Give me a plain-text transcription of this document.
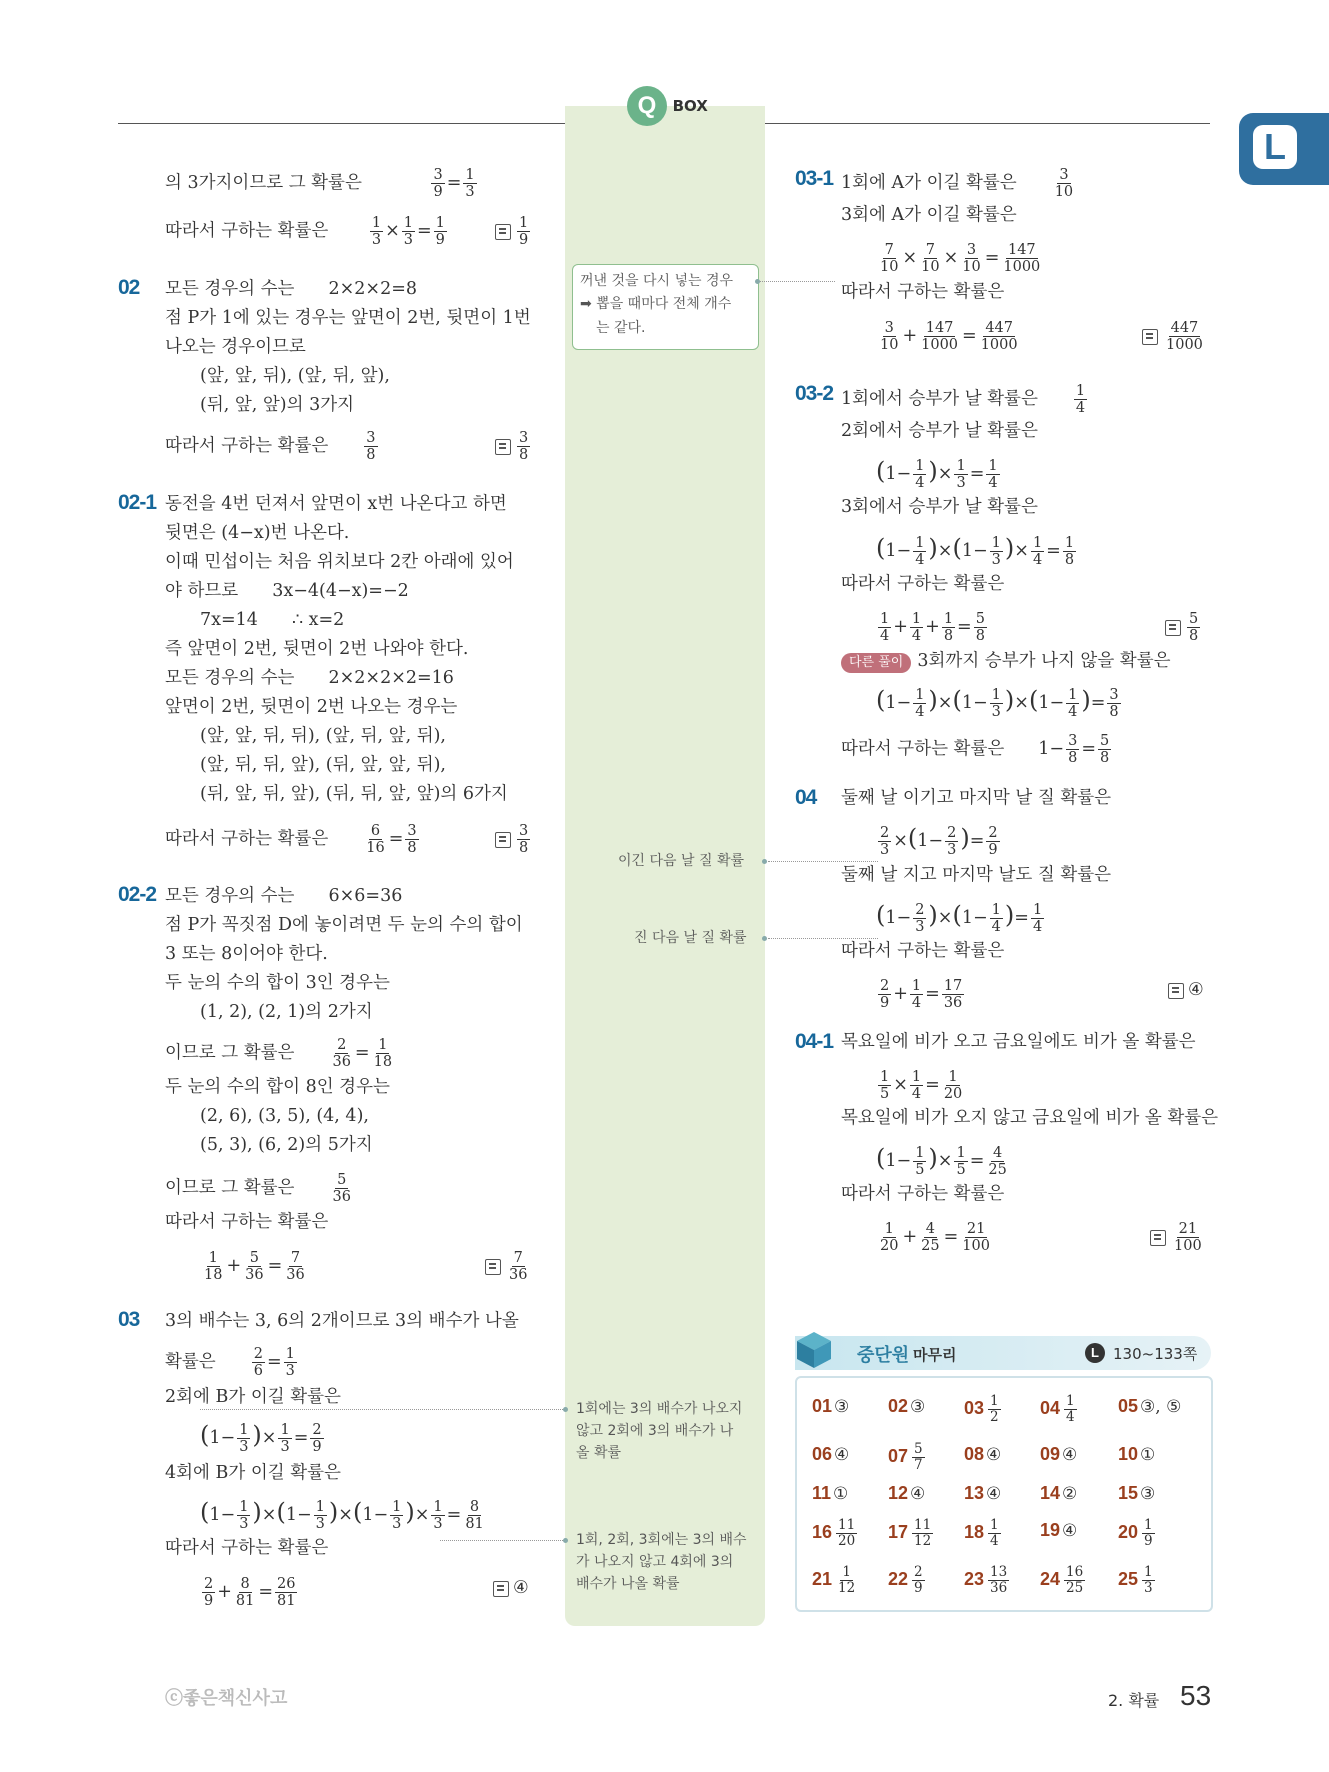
Q BOX
L
의 3가지이므로 그 확률은	$\frac{3}{9} = \frac{1}{3}$
따라서 구하는 확률은	$\frac{1}{3} \times \frac{1}{3} = \frac{1}{9}$	$\frac{1}{9}$
02 모든 경우의 수는 2×2×2=8
점 P가 1에 있는 경우는 앞면이 2번, 뒷면이 1번
나오는 경우이므로
(앞, 앞, 뒤), (앞, 뒤, 앞),
(뒤, 앞, 앞)의 3가지
따라서 구하는 확률은 $\frac{3}{8}$	$\frac{3}{8}$
02-1 동전을 4번 던져서 앞면이 x번 나온다고 하면
뒷면은 (4−x)번 나온다.
이때 민섭이는 처음 위치보다 2칸 아래에 있어
야 하므로 3x−4(4−x)=−2
7x=14 ∴ x=2
즉 앞면이 2번, 뒷면이 2번 나와야 한다.
모든 경우의 수는 2×2×2×2=16
앞면이 2번, 뒷면이 2번 나오는 경우는
(앞, 앞, 뒤, 뒤), (앞, 뒤, 앞, 뒤),
(앞, 뒤, 뒤, 앞), (뒤, 앞, 앞, 뒤),
(뒤, 앞, 뒤, 앞), (뒤, 뒤, 앞, 앞)의 6가지
따라서 구하는 확률은 $\frac{6}{16} = \frac{3}{8}$	$\frac{3}{8}$
02-2 모든 경우의 수는 6×6=36
점 P가 꼭짓점 D에 놓이려면 두 눈의 수의 합이
3 또는 8이어야 한다.
두 눈의 수의 합이 3인 경우는
(1, 2), (2, 1)의 2가지
이므로 그 확률은 $\frac{2}{36} = \frac{1}{18}$
두 눈의 수의 합이 8인 경우는
(2, 6), (3, 5), (4, 4),
(5, 3), (6, 2)의 5가지
이므로 그 확률은 $\frac{5}{36}$
따라서 구하는 확률은
$\frac{1}{18} + \frac{5}{36} = \frac{7}{36}$	$\frac{7}{36}$
03 3의 배수는 3, 6의 2개이므로 3의 배수가 나올
확률은 $\frac{2}{6} = \frac{1}{3}$
2회에 B가 이길 확률은
($1- \frac{1}{3}$ )× $\frac{1}{3} = \frac{2}{9}$
4회에 B가 이길 확률은
$(1- \frac{1}{3} )\times(1- \frac{1}{3} )\times(1- \frac{1}{3}$ )× $\frac{1}{3} = \frac{8}{81}$
따라서 구하는 확률은
$\frac{2}{9} + \frac{8}{81} = \frac{26}{81}$	④
꺼낸 것을 다시 넣는 경우
➡ 뽑을 때마다 전체 개수
는 같다.
이긴 다음 날 질 확률
진 다음 날 질 확률
1회에는 3의 배수가 나오지
않고 2회에 3의 배수가 나
올 확률
1회, 2회, 3회에는 3의 배수
가 나오지 않고 4회에 3의
배수가 나올 확률
03-1 1회에 A가 이길 확률은 $\frac{3}{10}$
3회에 A가 이길 확률은
$\frac{7}{10} \times \frac{7}{10} \times \frac{3}{10} = \frac{147}{1000}$
따라서 구하는 확률은
$\frac{3}{10} + \frac{147}{1000} = \frac{447}{1000}$	$\frac{447}{1000}$
03-2 1회에서 승부가 날 확률은 $\frac{1}{4}$
2회에서 승부가 날 확률은
($1- \frac{1}{4}$ )× $\frac{1}{3} = \frac{1}{4}$
3회에서 승부가 날 확률은
$(1- \frac{1}{4} )\times(1- \frac{1}{3}$ )× $\frac{1}{4} = \frac{1}{8}$
따라서 구하는 확률은
$\frac{1}{4} + \frac{1}{4} + \frac{1}{8} = \frac{5}{8}$	$\frac{5}{8}$
다른 풀이 3회까지 승부가 나지 않을 확률은
$(1- \frac{1}{4} )\times(1- \frac{1}{3} )\times(1- \frac{1}{4}$ )= $\frac{3}{8}$
따라서 구하는 확률은 $1- \frac{3}{8} = \frac{5}{8}$
04 둘째 날 이기고 마지막 날 질 확률은
$\frac{2}{3} \times(1- \frac{2}{3}$ )= $\frac{2}{9}$
둘째 날 지고 마지막 날도 질 확률은
$(1- \frac{2}{3} )\times(1- \frac{1}{4}$ )= $\frac{1}{4}$
따라서 구하는 확률은
$\frac{2}{9} + \frac{1}{4} = \frac{17}{36}$	④
04-1 목요일에 비가 오고 금요일에도 비가 올 확률은
$\frac{1}{5} \times \frac{1}{4} = \frac{1}{20}$
목요일에 비가 오지 않고 금요일에 비가 올 확률은
($1- \frac{1}{5}$ )× $\frac{1}{5} = \frac{4}{25}$
따라서 구하는 확률은
$\frac{1}{20} + \frac{4}{25} = \frac{21}{100}$	$\frac{21}{100}$
중단원 마무리	L 130~133쪽
ⓒ좋은책신사고	2. 확률 53
01 ③ 02 ③ $03 \frac{1}{2} 04 \frac{1}{4} 05$ ③, ⑤
06 ④ $07 \frac{5}{7} 08$ ④ 09 ④ 10 ①
11 ① 12 ④ 13 ④ 14 ② 15 ③
$16 \frac{11}{20} 17 \frac{11}{12} 18 \frac{1}{4} 19$ ④ $20 \frac{1}{9}$
$21 \frac{1}{12} 22 \frac{2}{9} 23 \frac{13}{36} 24 \frac{16}{25} 25 \frac{1}{3}$
